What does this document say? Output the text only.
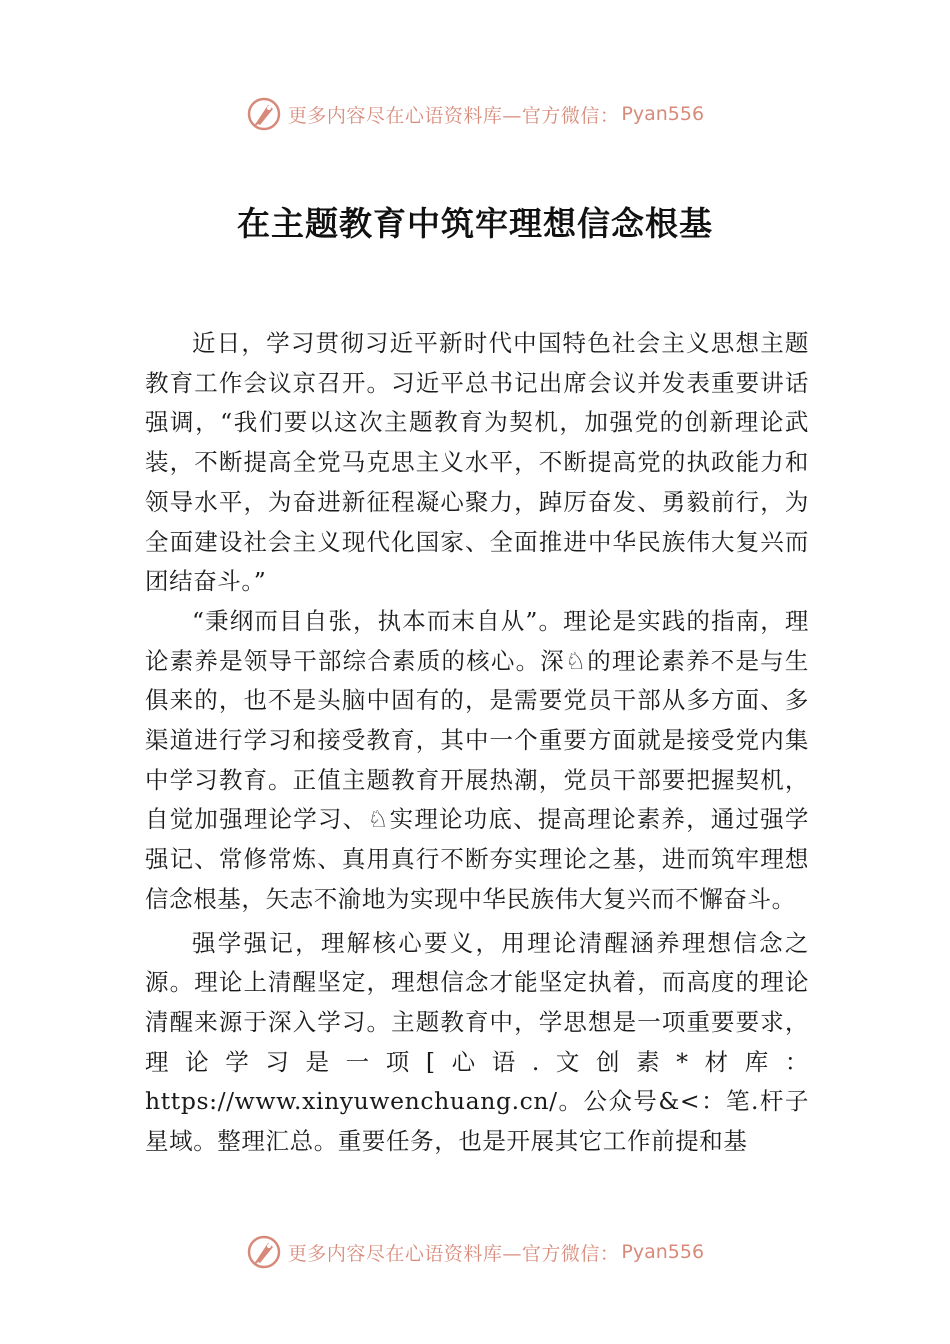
更多内容尽在心语资料库—官方微信： Pyan556
在主题教育中筑牢理想信念根基

近日，学习贯彻习近平新时代中国特色社会主义思想主题教育工作会议京召开。习近平总书记出席会议并发表重要讲话强调，“我们要以这次主题教育为契机，加强党的创新理论武装，不断提高全党马克思主义水平，不断提高党的执政能力和领导水平，为奋进新征程凝心聚力，踔厉奋发、勇毅前行，为全面建设社会主义现代化国家、全面推进中华民族伟大复兴而团结奋斗。”

“秉纲而目自张，执本而末自从”。理论是实践的指南，理论素养是领导干部综合素质的核心。深♘的理论素养不是与生俱来的，也不是头脑中固有的，是需要党员干部从多方面、多渠道进行学习和接受教育，其中一个重要方面就是接受党内集中学习教育。正值主题教育开展热潮，党员干部要把握契机，自觉加强理论学习、♘实理论功底、提高理论素养，通过强学强记、常修常炼、真用真行不断夯实理论之基，进而筑牢理想信念根基，矢志不渝地为实现中华民族伟大复兴而不懈奋斗。

强学强记，理解核心要义，用理论清醒涵养理想信念之源。理论上清醒坚定，理想信念才能坚定执着，而高度的理论清醒来源于深入学习。主题教育中，学思想是一项重要要求，理论学习是一项[心语.文创素*材库：https://www.xinyuwenchuang.cn/。公众号&<：笔.杆子星域。整理汇总。重要任务，也是开展其它工作前提和基

更多内容尽在心语资料库—官方微信： Pyan556
